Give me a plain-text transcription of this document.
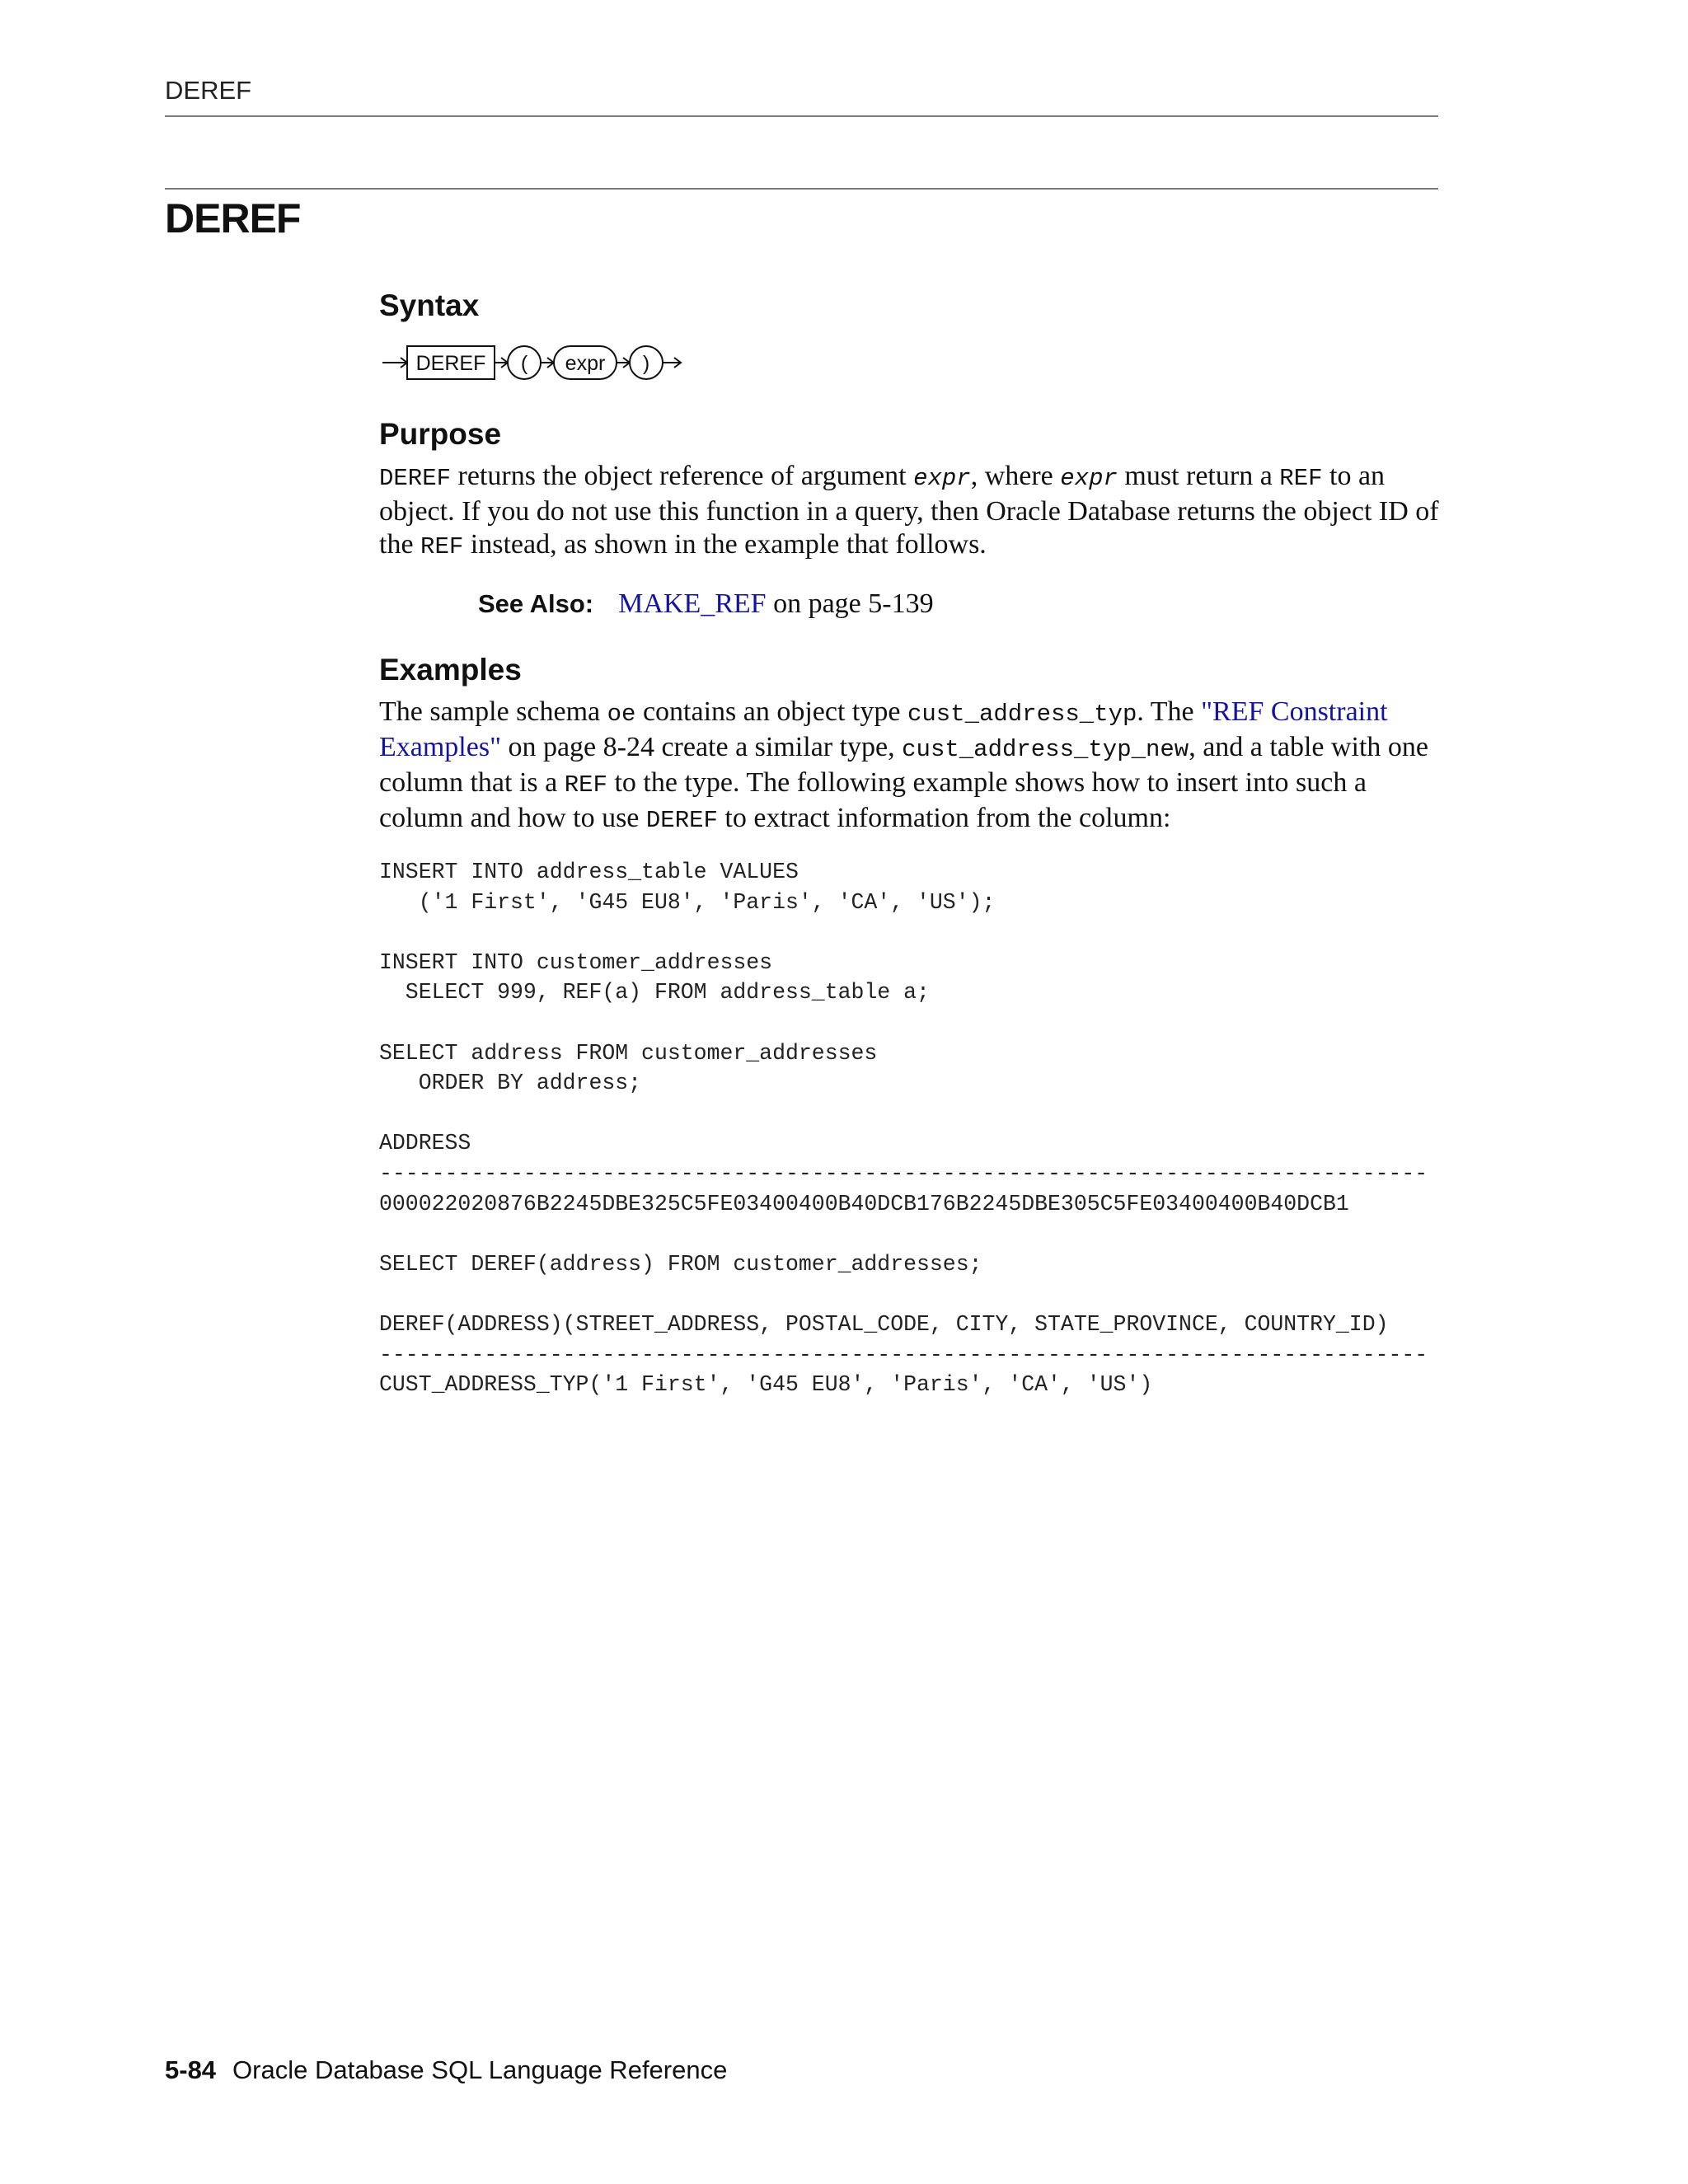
DEREF
DEREF
Syntax
DEREF ( expr )
Purpose

DEREF returns the object reference of argument expr, where expr must return a REF to an object. If you do not use this function in a query, then Oracle Database returns the object ID of the REF instead, as shown in the example that follows.

See Also: MAKE_REF on page 5-139
Examples

The sample schema oe contains an object type cust_address_typ. The "REF Constraint Examples" on page 8-24 create a similar type, cust_address_typ_new, and a table with one column that is a REF to the type. The following example shows how to insert into such a column and how to use DEREF to extract information from the column:

INSERT INTO address_table VALUES
('1 First', 'G45 EU8', 'Paris', 'CA', 'US');

INSERT INTO customer_addresses
SELECT 999, REF(a) FROM address_table a;

SELECT address FROM customer_addresses
ORDER BY address;

ADDRESS
--------------------------------------------------------------------------------
000022020876B2245DBE325C5FE03400400B40DCB176B2245DBE305C5FE03400400B40DCB1

SELECT DEREF(address) FROM customer_addresses;

DEREF(ADDRESS)(STREET_ADDRESS, POSTAL_CODE, CITY, STATE_PROVINCE, COUNTRY_ID)
--------------------------------------------------------------------------------
CUST_ADDRESS_TYP('1 First', 'G45 EU8', 'Paris', 'CA', 'US')
5-84 Oracle Database SQL Language Reference
